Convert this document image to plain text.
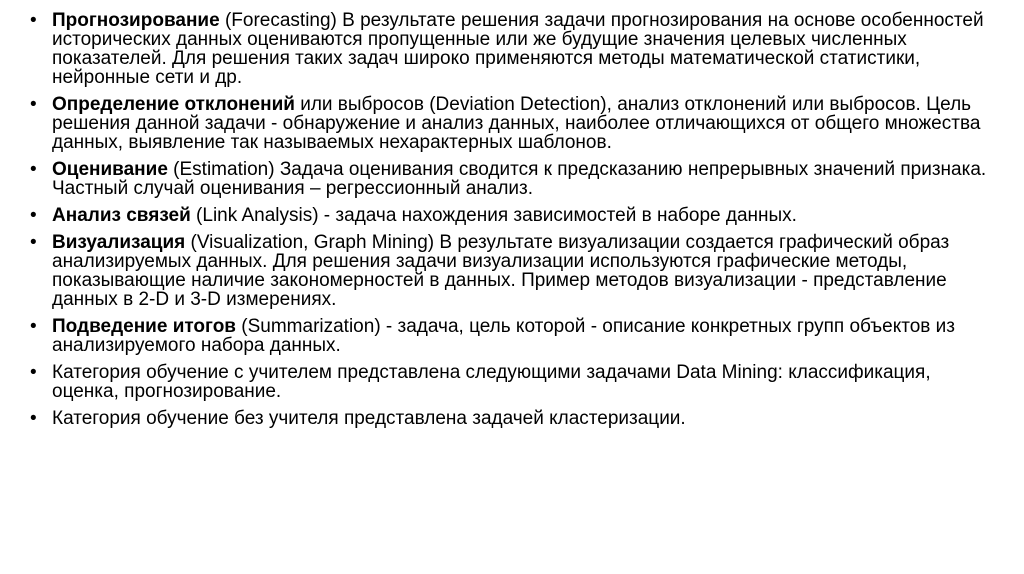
• Прогнозирование (Forecasting) В результате решения задачи прогнозирования на основе особенностей исторических данных оцениваются пропущенные или же будущие значения целевых численных показателей. Для решения таких задач широко применяются методы математической статистики, нейронные сети и др.
• Определение отклонений или выбросов (Deviation Detection), анализ отклонений или выбросов. Цель решения данной задачи - обнаружение и анализ данных, наиболее отличающихся от общего множества данных, выявление так называемых нехарактерных шаблонов.
• Оценивание (Estimation) Задача оценивания сводится к предсказанию непрерывных значений признака. Частный случай оценивания – регрессионный анализ.
• Анализ связей (Link Analysis) - задача нахождения зависимостей в наборе данных.
• Визуализация (Visualization, Graph Mining) В результате визуализации создается графический образ анализируемых данных. Для решения задачи визуализации используются графические методы, показывающие наличие закономерностей в данных. Пример методов визуализации - представление данных в 2-D и 3-D измерениях.
• Подведение итогов (Summarization) - задача, цель которой - описание конкретных групп объектов из анализируемого набора данных.
• Категория обучение с учителем представлена следующими задачами Data Mining: классификация, оценка, прогнозирование.
• Категория обучение без учителя представлена задачей кластеризации.
